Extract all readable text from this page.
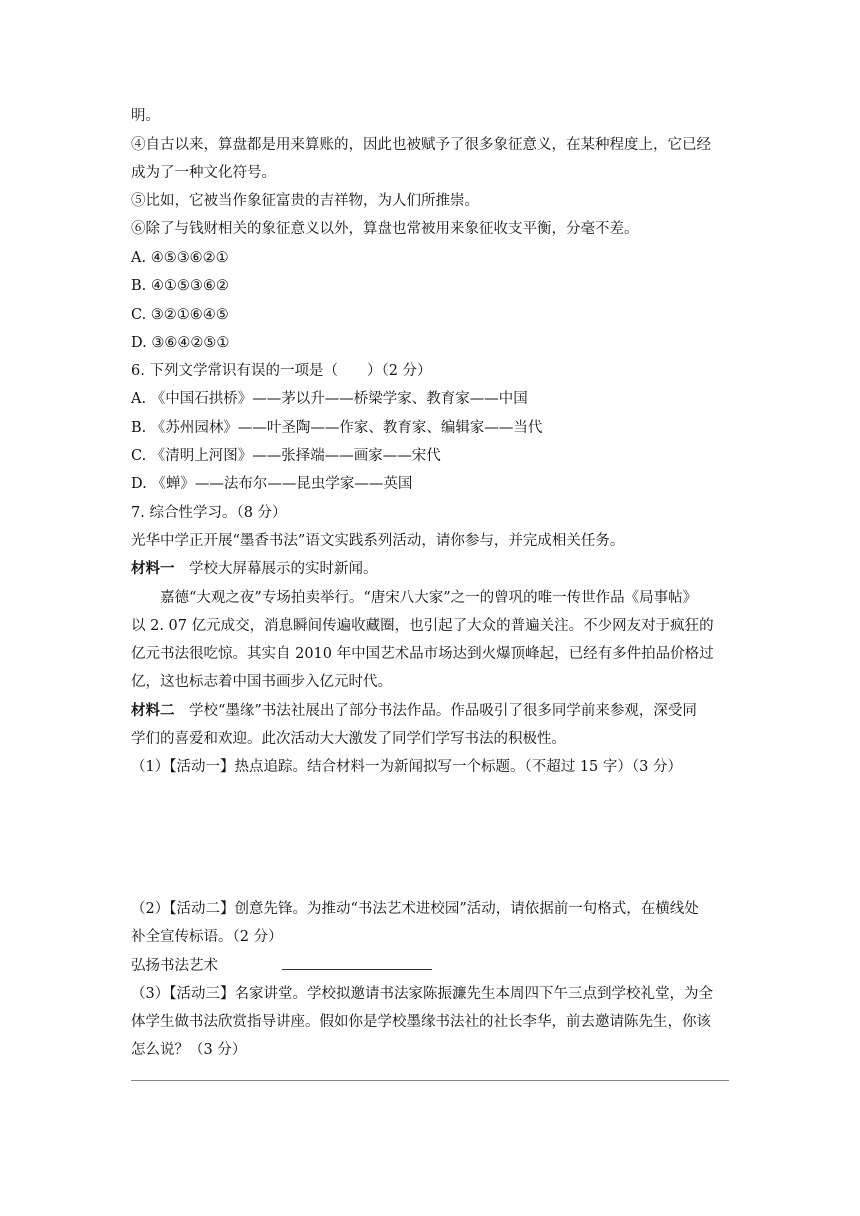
明。
④自古以来，算盘都是用来算账的，因此也被赋予了很多象征意义，在某种程度上，它已经
成为了一种文化符号。
⑤比如，它被当作象征富贵的吉祥物，为人们所推崇。
⑥除了与钱财相关的象征意义以外，算盘也常被用来象征收支平衡，分毫不差。
A. ④⑤③⑥②①
B. ④①⑤③⑥②
C. ③②①⑥④⑤
D. ③⑥④②⑤①
6. 下列文学常识有误的一项是（　　）（2 分）
A. 《中国石拱桥》——茅以升——桥梁学家、教育家——中国
B. 《苏州园林》——叶圣陶——作家、教育家、编辑家——当代
C. 《清明上河图》——张择端——画家——宋代
D. 《蝉》——法布尔——昆虫学家——英国
7. 综合性学习。（8 分）
光华中学正开展“墨香书法”语文实践系列活动，请你参与，并完成相关任务。
材料一　学校大屏幕展示的实时新闻。
嘉德“大观之夜”专场拍卖举行。“唐宋八大家”之一的曾巩的唯一传世作品《局事帖》
以 2. 07 亿元成交，消息瞬间传遍收藏圈，也引起了大众的普遍关注。不少网友对于疯狂的
亿元书法很吃惊。其实自 2010 年中国艺术品市场达到火爆顶峰起，已经有多件拍品价格过
亿，这也标志着中国书画步入亿元时代。
材料二　学校“墨缘”书法社展出了部分书法作品。作品吸引了很多同学前来参观，深受同
学们的喜爱和欢迎。此次活动大大激发了同学们学写书法的积极性。
（1）【活动一】热点追踪。结合材料一为新闻拟写一个标题。（不超过 15 字）（3 分）
（2）【活动二】创意先锋。为推动“书法艺术进校园”活动，请依据前一句格式，在横线处
补全宣传标语。（2 分）
弘扬书法艺术
（3）【活动三】名家讲堂。学校拟邀请书法家陈振濂先生本周四下午三点到学校礼堂，为全
体学生做书法欣赏指导讲座。假如你是学校墨缘书法社的社长李华，前去邀请陈先生，你该
怎么说？（3 分）
